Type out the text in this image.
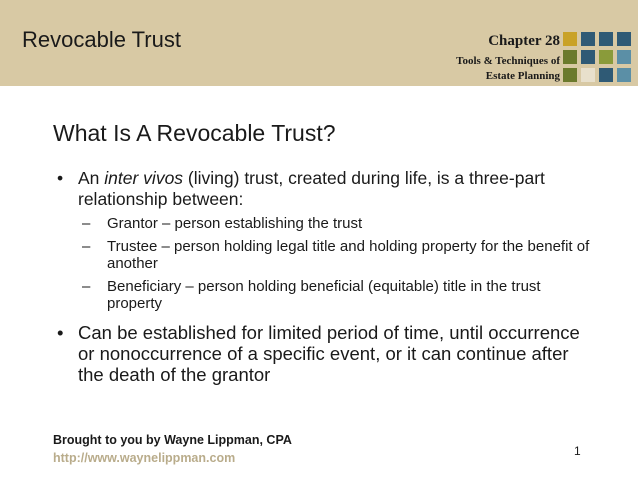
Revocable Trust	Chapter 28
Tools & Techniques of
Estate Planning
What Is A Revocable Trust?
• An inter vivos (living) trust, created during life, is a three-part relationship between:
– Grantor – person establishing the trust
– Trustee – person holding legal title and holding property for the benefit of another
– Beneficiary – person holding beneficial (equitable) title in the trust property
• Can be established for limited period of time, until occurrence or nonoccurrence of a specific event, or it can continue after the death of the grantor
Brought to you by Wayne Lippman, CPA
http://www.waynelippman.com	1
